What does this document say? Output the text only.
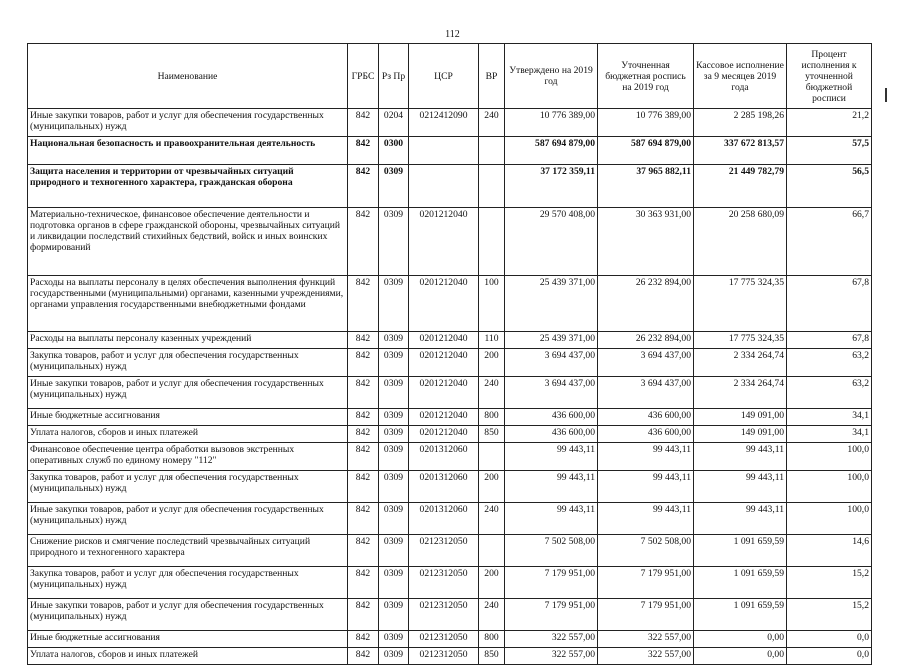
112
Наименование	ГРБС	Рз Пр	ЦСР	ВР	Утверждено на 2019 год	Уточненная бюджетная роспись на 2019 год	Кассовое исполнение за 9 месяцев 2019 года	Процент исполнения к уточненной бюджетной росписи
Иные закупки товаров, работ и услуг для обеспечения государственных (муниципальных) нужд	842	0204	0212412090	240	10 776 389,00	10 776 389,00	2 285 198,26	21,2
Национальная безопасность и правоохранительная деятельность	842	0300			587 694 879,00	587 694 879,00	337 672 813,57	57,5
Защита населения и территории от чрезвычайных ситуаций природного и техногенного характера, гражданская оборона	842	0309			37 172 359,11	37 965 882,11	21 449 782,79	56,5
Материально-техническое, финансовое обеспечение деятельности и подготовка органов в сфере гражданской обороны, чрезвычайных ситуаций и ликвидации последствий стихийных бедствий, войск и иных воинских формирований	842	0309	0201212040		29 570 408,00	30 363 931,00	20 258 680,09	66,7
Расходы на выплаты персоналу в целях обеспечения выполнения функций государственными (муниципальными) органами, казенными учреждениями, органами управления государственными внебюджетными фондами	842	0309	0201212040	100	25 439 371,00	26 232 894,00	17 775 324,35	67,8
Расходы на выплаты персоналу казенных учреждений	842	0309	0201212040	110	25 439 371,00	26 232 894,00	17 775 324,35	67,8
Закупка товаров, работ и услуг для обеспечения государственных (муниципальных) нужд	842	0309	0201212040	200	3 694 437,00	3 694 437,00	2 334 264,74	63,2
Иные закупки товаров, работ и услуг для обеспечения государственных (муниципальных) нужд	842	0309	0201212040	240	3 694 437,00	3 694 437,00	2 334 264,74	63,2
Иные бюджетные ассигнования	842	0309	0201212040	800	436 600,00	436 600,00	149 091,00	34,1
Уплата налогов, сборов и иных платежей	842	0309	0201212040	850	436 600,00	436 600,00	149 091,00	34,1
Финансовое обеспечение центра обработки вызовов экстренных оперативных служб по единому номеру "112"	842	0309	0201312060		99 443,11	99 443,11	99 443,11	100,0
Закупка товаров, работ и услуг для обеспечения государственных (муниципальных) нужд	842	0309	0201312060	200	99 443,11	99 443,11	99 443,11	100,0
Иные закупки товаров, работ и услуг для обеспечения государственных (муниципальных) нужд	842	0309	0201312060	240	99 443,11	99 443,11	99 443,11	100,0
Снижение рисков и смягчение последствий чрезвычайных ситуаций природного и техногенного характера	842	0309	0212312050		7 502 508,00	7 502 508,00	1 091 659,59	14,6
Закупка товаров, работ и услуг для обеспечения государственных (муниципальных) нужд	842	0309	0212312050	200	7 179 951,00	7 179 951,00	1 091 659,59	15,2
Иные закупки товаров, работ и услуг для обеспечения государственных (муниципальных) нужд	842	0309	0212312050	240	7 179 951,00	7 179 951,00	1 091 659,59	15,2
Иные бюджетные ассигнования	842	0309	0212312050	800	322 557,00	322 557,00	0,00	0,0
Уплата налогов, сборов и иных платежей	842	0309	0212312050	850	322 557,00	322 557,00	0,00	0,0
